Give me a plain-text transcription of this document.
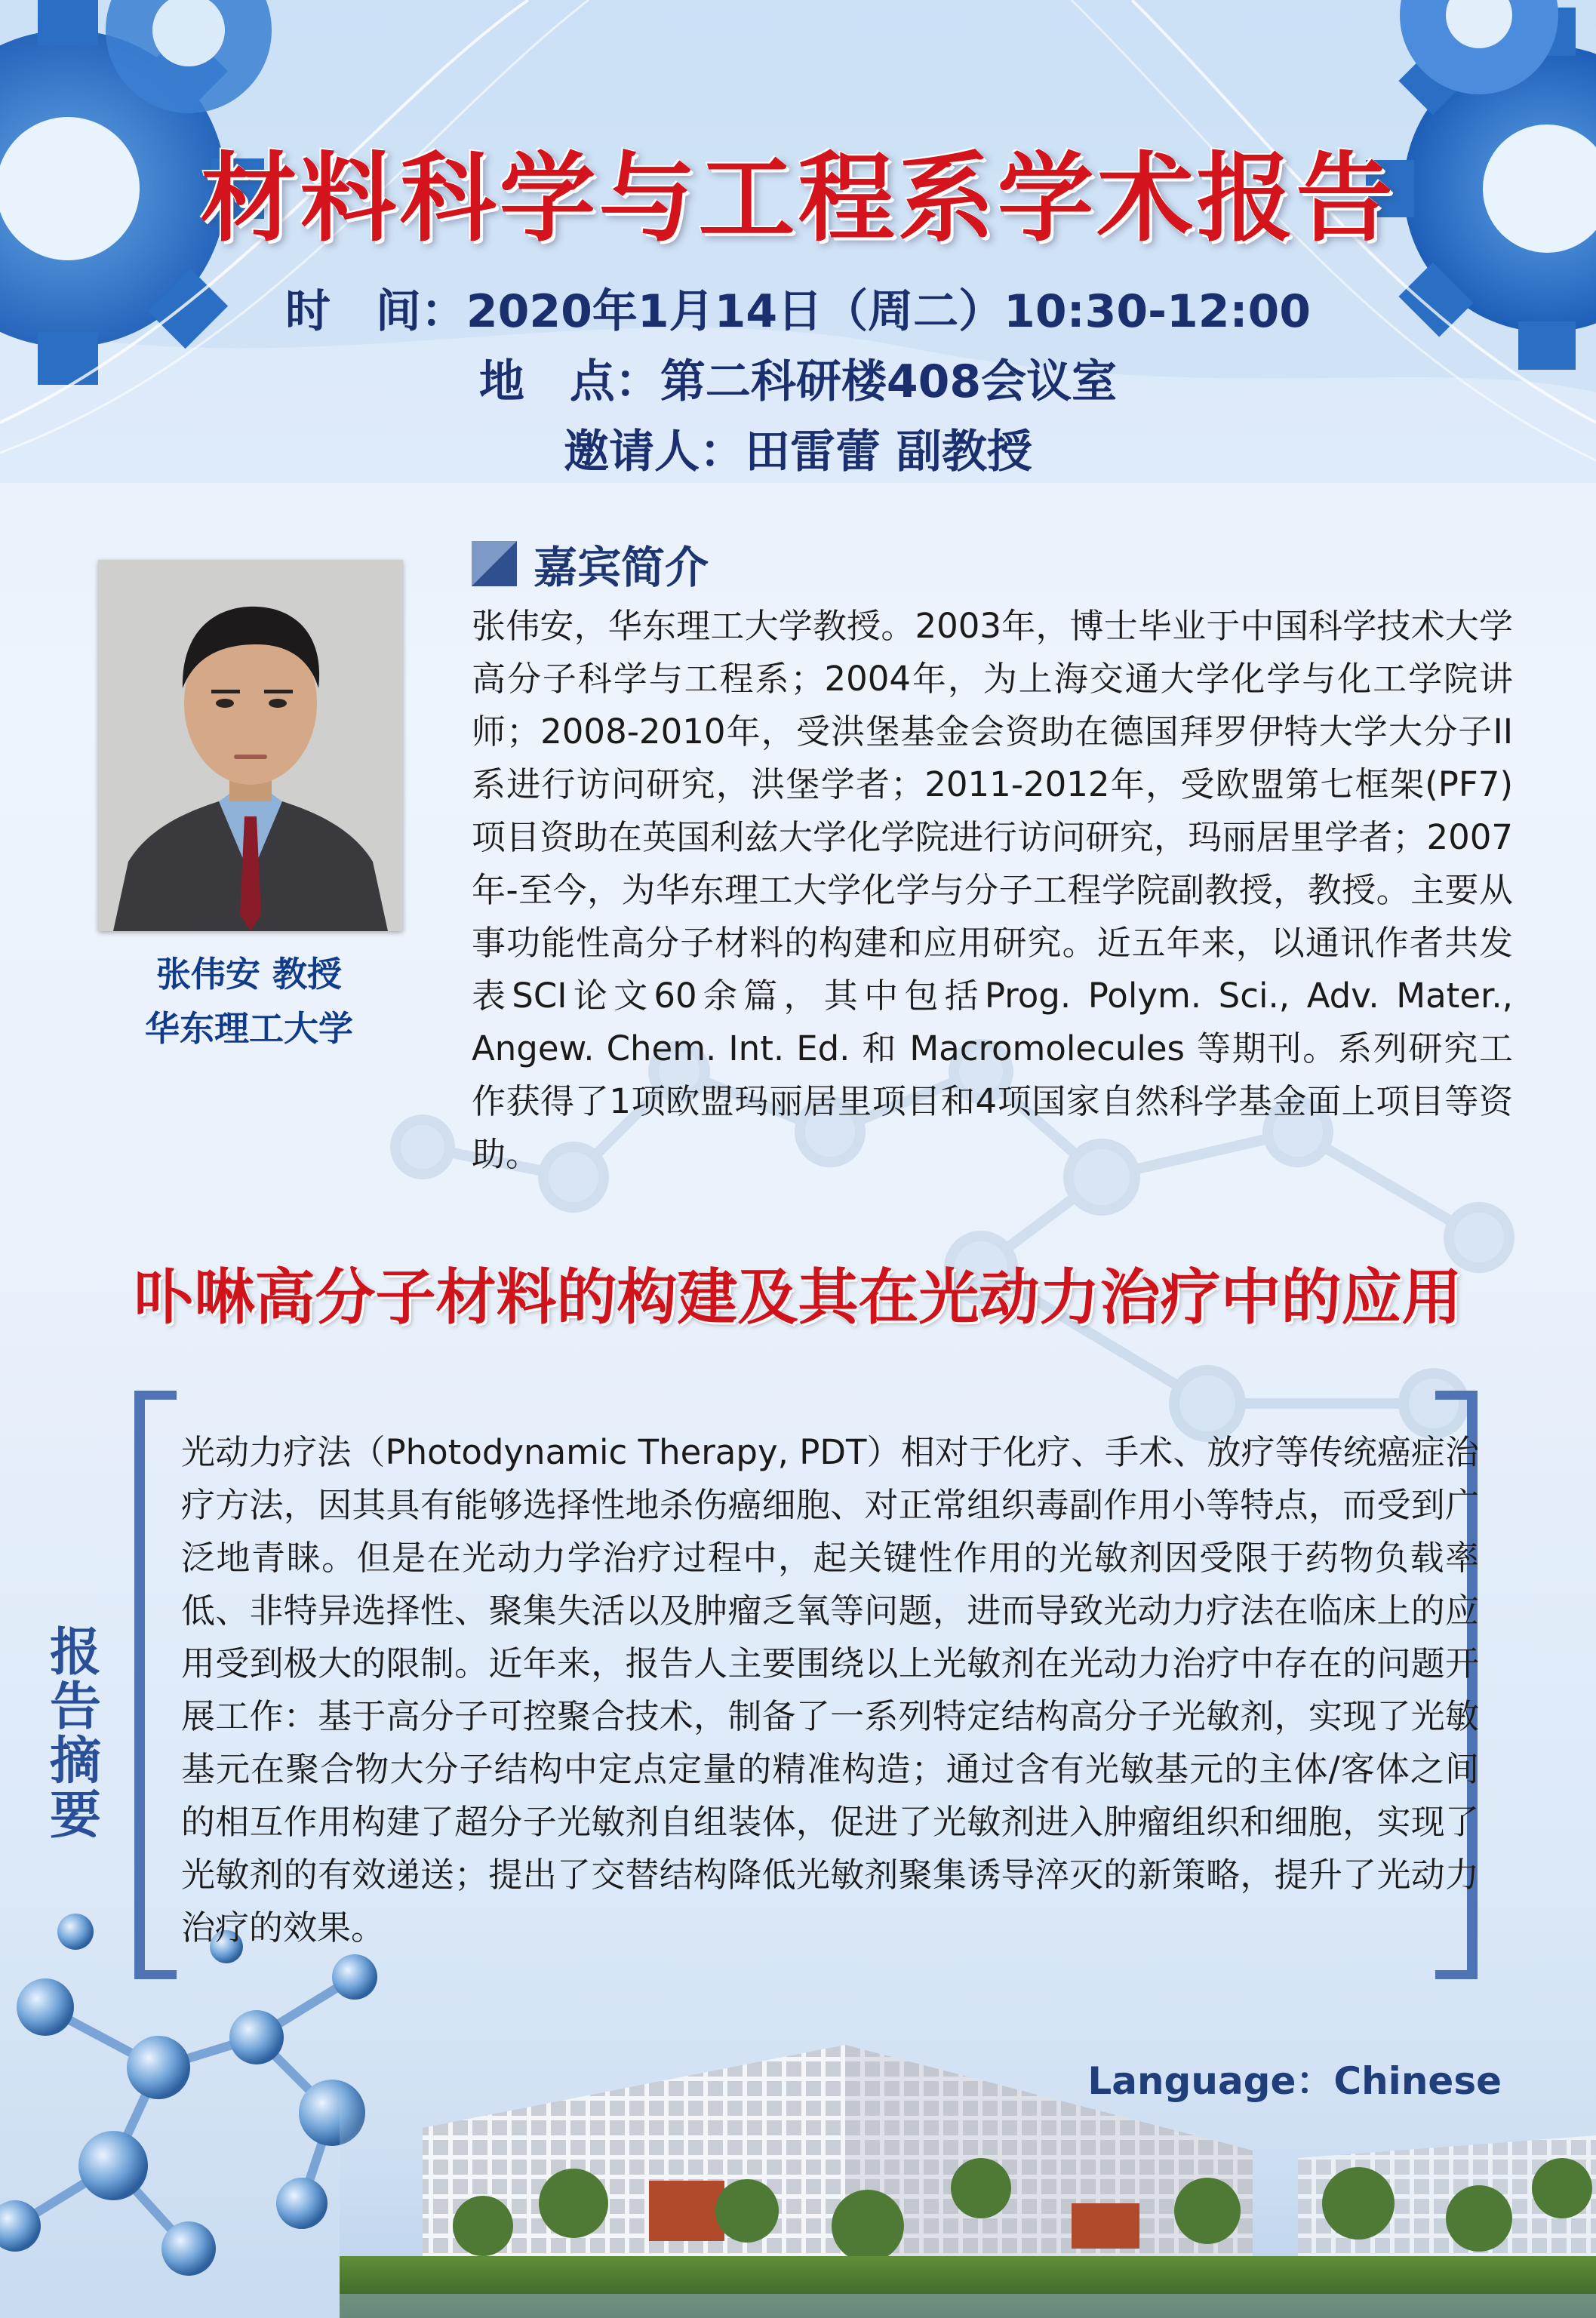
材料科学与工程系学术报告
时　间：2020年1月14日（周二）10:30-12:00
地　点：第二科研楼408会议室
邀请人：田雷蕾 副教授
张伟安 教授
华东理工大学
嘉宾简介
张伟安，华东理工大学教授。2003年，博士毕业于中国科学技术大学高分子科学与工程系；2004年，为上海交通大学化学与化工学院讲师；2008-2010年，受洪堡基金会资助在德国拜罗伊特大学大分子II系进行访问研究，洪堡学者；2011-2012年，受欧盟第七框架(PF7)项目资助在英国利兹大学化学院进行访问研究，玛丽居里学者；2007年-至今，为华东理工大学化学与分子工程学院副教授，教授。主要从事功能性高分子材料的构建和应用研究。近五年来，以通讯作者共发表SCI论文60余篇，其中包括Prog. Polym. Sci., Adv. Mater., Angew. Chem. Int. Ed. 和 Macromolecules 等期刊。系列研究工作获得了1项欧盟玛丽居里项目和4项国家自然科学基金面上项目等资助。
卟啉高分子材料的构建及其在光动力治疗中的应用
报告摘要
光动力疗法（Photodynamic Therapy, PDT）相对于化疗、手术、放疗等传统癌症治疗方法，因其具有能够选择性地杀伤癌细胞、对正常组织毒副作用小等特点，而受到广泛地青睐。但是在光动力学治疗过程中，起关键性作用的光敏剂因受限于药物负载率低、非特异选择性、聚集失活以及肿瘤乏氧等问题，进而导致光动力疗法在临床上的应用受到极大的限制。近年来，报告人主要围绕以上光敏剂在光动力治疗中存在的问题开展工作：基于高分子可控聚合技术，制备了一系列特定结构高分子光敏剂，实现了光敏基元在聚合物大分子结构中定点定量的精准构造；通过含有光敏基元的主体/客体之间的相互作用构建了超分子光敏剂自组装体，促进了光敏剂进入肿瘤组织和细胞，实现了光敏剂的有效递送；提出了交替结构降低光敏剂聚集诱导淬灭的新策略，提升了光动力治疗的效果。
Language：Chinese
